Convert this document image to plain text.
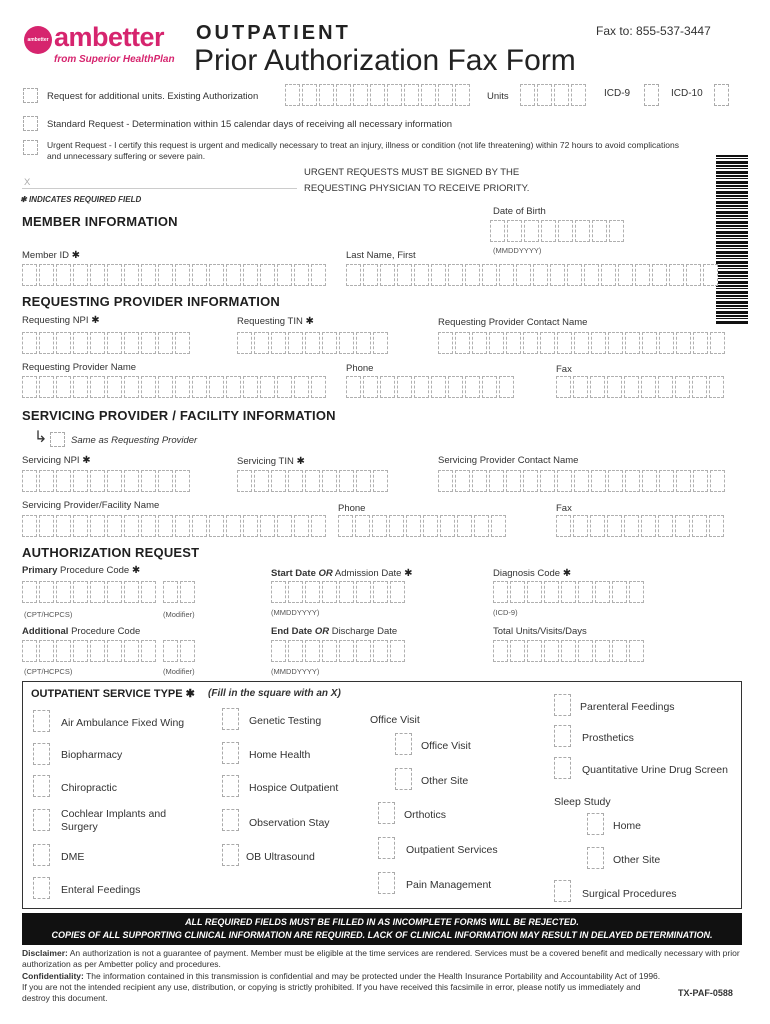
ambetter ambetter
from Superior HealthPlan
OUTPATIENT
Prior Authorization Fax Form
Fax to: 855-537-3447
Request for additional units. Existing Authorization	Units	ICD-9	ICD-10
Standard Request - Determination within 15 calendar days of receiving all necessary information
Urgent Request - I certify this request is urgent and medically necessary to treat an injury, illness or condition (not life threatening) within 72 hours to avoid complications and unnecessary suffering or severe pain.
X
URGENT REQUESTS MUST BE SIGNED BY THE
REQUESTING PHYSICIAN TO RECEIVE PRIORITY.
✱ INDICATES REQUIRED FIELD
MEMBER INFORMATION
Date of Birth
(MMDDYYYY)
Member ID ✱	Last Name, First
REQUESTING PROVIDER INFORMATION
Requesting NPI ✱	Requesting TIN ✱	Requesting Provider Contact Name
Requesting Provider Name	Phone	Fax
SERVICING PROVIDER / FACILITY INFORMATION
↳ Same as Requesting Provider
Servicing NPI ✱	Servicing TIN ✱	Servicing Provider Contact Name
Servicing Provider/Facility Name	Phone	Fax
AUTHORIZATION REQUEST
Primary Procedure Code ✱	Start Date OR Admission Date ✱	Diagnosis Code ✱
(CPT/HCPCS)	(Modifier)	(MMDDYYYY)	(ICD-9)
Additional Procedure Code	End Date OR Discharge Date	Total Units/Visits/Days
(CPT/HCPCS)	(Modifier)	(MMDDYYYY)
OUTPATIENT SERVICE TYPE ✱ (Fill in the square with an X)
Air Ambulance Fixed Wing
Biopharmacy
Chiropractic
Cochlear Implants and Surgery
DME
Enteral Feedings
Genetic Testing
Home Health
Hospice Outpatient
Observation Stay
OB Ultrasound
Office Visit
Office Visit
Other Site
Orthotics
Outpatient Services
Pain Management
Parenteral Feedings
Prosthetics
Quantitative Urine Drug Screen
Sleep Study
Home
Other Site
Surgical Procedures
ALL REQUIRED FIELDS MUST BE FILLED IN AS INCOMPLETE FORMS WILL BE REJECTED.
COPIES OF ALL SUPPORTING CLINICAL INFORMATION ARE REQUIRED. LACK OF CLINICAL INFORMATION MAY RESULT IN DELAYED DETERMINATION.
Disclaimer: An authorization is not a guarantee of payment. Member must be eligible at the time services are rendered. Services must be a covered benefit and medically necessary with prior authorization as per Ambetter policy and procedures.
Confidentiality: The information contained in this transmission is confidential and may be protected under the Health Insurance Portability and Accountability Act of 1996. If you are not the intended recipient any use, distribution, or copying is strictly prohibited. If you have received this facsimile in error, please notify us immediately and destroy this document.	TX-PAF-0588
